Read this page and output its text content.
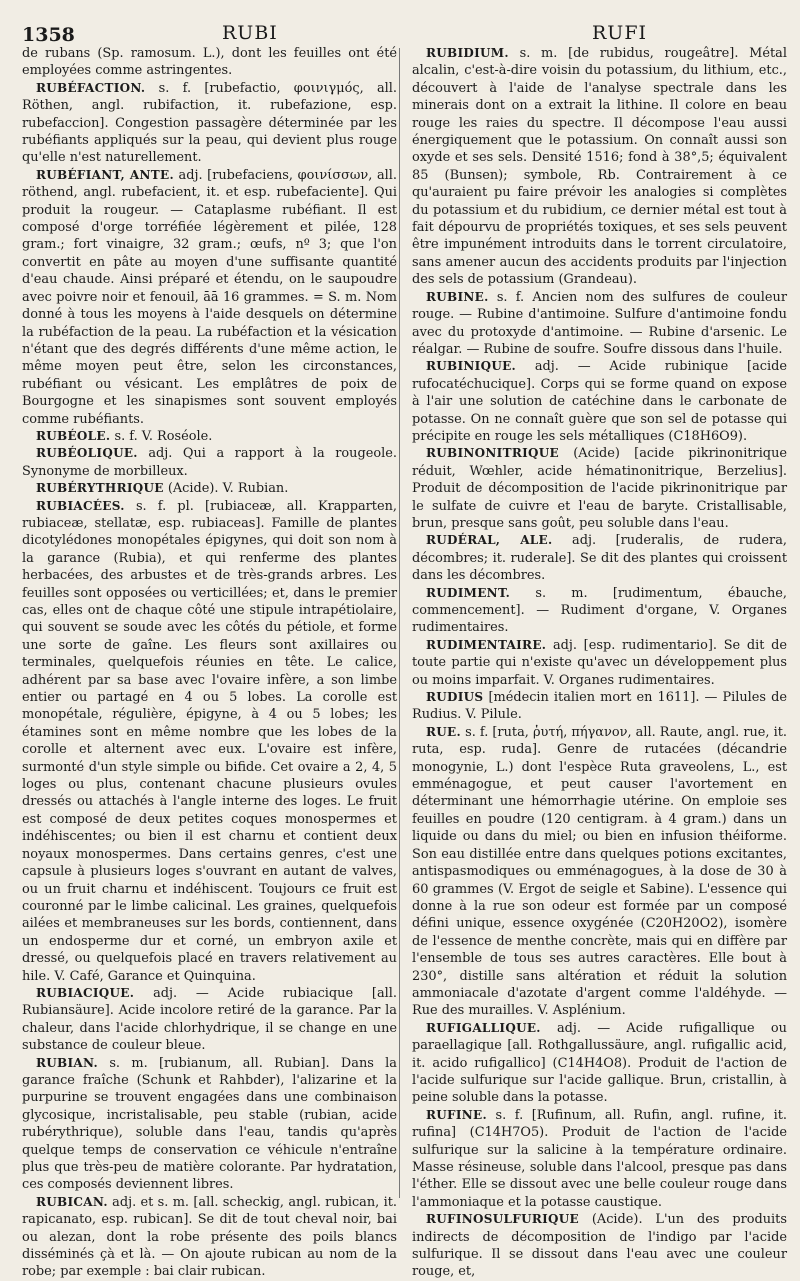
1358	RUBI	RUFI

de rubans (Sp. ramosum. L.), dont les feuilles ont été employées comme astringentes.

RUBÉFACTION. s. f. [rubefactio, φοινιγμός, all. Röthen, angl. rubifaction, it. rubefazione, esp. rubefaccion]. Congestion passagère déterminée par les rubéfiants appliqués sur la peau, qui devient plus rouge qu'elle n'est naturellement.

RUBÉFIANT, ANTE. adj. [rubefaciens, φοινίσσων, all. röthend, angl. rubefacient, it. et esp. rubefaciente]. Qui produit la rougeur. — Cataplasme rubéfiant. Il est composé d'orge torréfiée légèrement et pilée, 128 gram.; fort vinaigre, 32 gram.; œufs, nº 3; que l'on convertit en pâte au moyen d'une suffisante quantité d'eau chaude. Ainsi préparé et étendu, on le saupoudre avec poivre noir et fenouil, āā 16 grammes. = S. m. Nom donné à tous les moyens à l'aide desquels on détermine la rubéfaction de la peau. La rubéfaction et la vésication n'étant que des degrés différents d'une même action, le même moyen peut être, selon les circonstances, rubéfiant ou vésicant. Les emplâtres de poix de Bourgogne et les sinapismes sont souvent employés comme rubéfiants.

RUBÉOLE. s. f. V. Roséole.

RUBÉOLIQUE. adj. Qui a rapport à la rougeole. Synonyme de morbilleux.

RUBÉRYTHRIQUE (Acide). V. Rubian.

RUBIACÉES. s. f. pl. [rubiaceæ, all. Krapparten, rubiaceæ, stellatæ, esp. rubiaceas]. Famille de plantes dicotylédones monopétales épigynes, qui doit son nom à la garance (Rubia), et qui renferme des plantes herbacées, des arbustes et de très-grands arbres. Les feuilles sont opposées ou verticillées; et, dans le premier cas, elles ont de chaque côté une stipule intrapétiolaire, qui souvent se soude avec les côtés du pétiole, et forme une sorte de gaîne. Les fleurs sont axillaires ou terminales, quelquefois réunies en tête. Le calice, adhérent par sa base avec l'ovaire infère, a son limbe entier ou partagé en 4 ou 5 lobes. La corolle est monopétale, régulière, épigyne, à 4 ou 5 lobes; les étamines sont en même nombre que les lobes de la corolle et alternent avec eux. L'ovaire est infère, surmonté d'un style simple ou bifide. Cet ovaire a 2, 4, 5 loges ou plus, contenant chacune plusieurs ovules dressés ou attachés à l'angle interne des loges. Le fruit est composé de deux petites coques monospermes et indéhiscentes; ou bien il est charnu et contient deux noyaux monospermes. Dans certains genres, c'est une capsule à plusieurs loges s'ouvrant en autant de valves, ou un fruit charnu et indéhiscent. Toujours ce fruit est couronné par le limbe calicinal. Les graines, quelquefois ailées et membraneuses sur les bords, contiennent, dans un endosperme dur et corné, un embryon axile et dressé, ou quelquefois placé en travers relativement au hile. V. Café, Garance et Quinquina.

RUBIACIQUE. adj. — Acide rubiacique [all. Rubiansäure]. Acide incolore retiré de la garance. Par la chaleur, dans l'acide chlorhydrique, il se change en une substance de couleur bleue.

RUBIAN. s. m. [rubianum, all. Rubian]. Dans la garance fraîche (Schunk et Rahbder), l'alizarine et la purpurine se trouvent engagées dans une combinaison glycosique, incristalisable, peu stable (rubian, acide rubérythrique), soluble dans l'eau, tandis qu'après quelque temps de conservation ce véhicule n'entraîne plus que très-peu de matière colorante. Par hydratation, ces composés deviennent libres.

RUBICAN. adj. et s. m. [all. scheckig, angl. rubican, it. rapicanato, esp. rubican]. Se dit de tout cheval noir, bai ou alezan, dont la robe présente des poils blancs disséminés çà et là. — On ajoute rubican au nom de la robe; par exemple : bai clair rubican.

RUBIDIUM. s. m. [de rubidus, rougeâtre]. Métal alcalin, c'est-à-dire voisin du potassium, du lithium, etc., découvert à l'aide de l'analyse spectrale dans les minerais dont on a extrait la lithine. Il colore en beau rouge les raies du spectre. Il décompose l'eau aussi énergiquement que le potassium. On connaît aussi son oxyde et ses sels. Densité 1516; fond à 38°,5; équivalent 85 (Bunsen); symbole, Rb. Contrairement à ce qu'auraient pu faire prévoir les analogies si complètes du potassium et du rubidium, ce dernier métal est tout à fait dépourvu de propriétés toxiques, et ses sels peuvent être impunément introduits dans le torrent circulatoire, sans amener aucun des accidents produits par l'injection des sels de potassium (Grandeau).

RUBINE. s. f. Ancien nom des sulfures de couleur rouge. — Rubine d'antimoine. Sulfure d'antimoine fondu avec du protoxyde d'antimoine. — Rubine d'arsenic. Le réalgar. — Rubine de soufre. Soufre dissous dans l'huile.

RUBINIQUE. adj. — Acide rubinique [acide rufocatéchucique]. Corps qui se forme quand on expose à l'air une solution de catéchine dans le carbonate de potasse. On ne connaît guère que son sel de potasse qui précipite en rouge les sels métalliques (C18H6O9).

RUBINONITRIQUE (Acide) [acide pikrinonitrique réduit, Wœhler, acide hématinonitrique, Berzelius]. Produit de décomposition de l'acide pikrinonitrique par le sulfate de cuivre et l'eau de baryte. Cristallisable, brun, presque sans goût, peu soluble dans l'eau.

RUDÉRAL, ALE. adj. [ruderalis, de rudera, décombres; it. ruderale]. Se dit des plantes qui croissent dans les décombres.

RUDIMENT. s. m. [rudimentum, ébauche, commencement]. — Rudiment d'organe, V. Organes rudimentaires.

RUDIMENTAIRE. adj. [esp. rudimentario]. Se dit de toute partie qui n'existe qu'avec un développement plus ou moins imparfait. V. Organes rudimentaires.

RUDIUS [médecin italien mort en 1611]. — Pilules de Rudius. V. Pilule.

RUE. s. f. [ruta, ῥυτή, πήγανον, all. Raute, angl. rue, it. ruta, esp. ruda]. Genre de rutacées (décandrie monogynie, L.) dont l'espèce Ruta graveolens, L., est emménagogue, et peut causer l'avortement en déterminant une hémorrhagie utérine. On emploie ses feuilles en poudre (120 centigram. à 4 gram.) dans un liquide ou dans du miel; ou bien en infusion théiforme. Son eau distillée entre dans quelques potions excitantes, antispasmodiques ou emménagogues, à la dose de 30 à 60 grammes (V. Ergot de seigle et Sabine). L'essence qui donne à la rue son odeur est formée par un composé défini unique, essence oxygénée (C20H20O2), isomère de l'essence de menthe concrète, mais qui en diffère par l'ensemble de tous ses autres caractères. Elle bout à 230°, distille sans altération et réduit la solution ammoniacale d'azotate d'argent comme l'aldéhyde. — Rue des murailles. V. Asplénium.

RUFIGALLIQUE. adj. — Acide rufigallique ou paraellagique [all. Rothgallussäure, angl. rufigallic acid, it. acido rufigallico] (C14H4O8). Produit de l'action de l'acide sulfurique sur l'acide gallique. Brun, cristallin, à peine soluble dans la potasse.

RUFINE. s. f. [Rufinum, all. Rufin, angl. rufine, it. rufina] (C14H7O5). Produit de l'action de l'acide sulfurique sur la salicine à la température ordinaire. Masse résineuse, soluble dans l'alcool, presque pas dans l'éther. Elle se dissout avec une belle couleur rouge dans l'ammoniaque et la potasse caustique.

RUFINOSULFURIQUE (Acide). L'un des produits indirects de décomposition de l'indigo par l'acide sulfurique. Il se dissout dans l'eau avec une couleur rouge, et,
